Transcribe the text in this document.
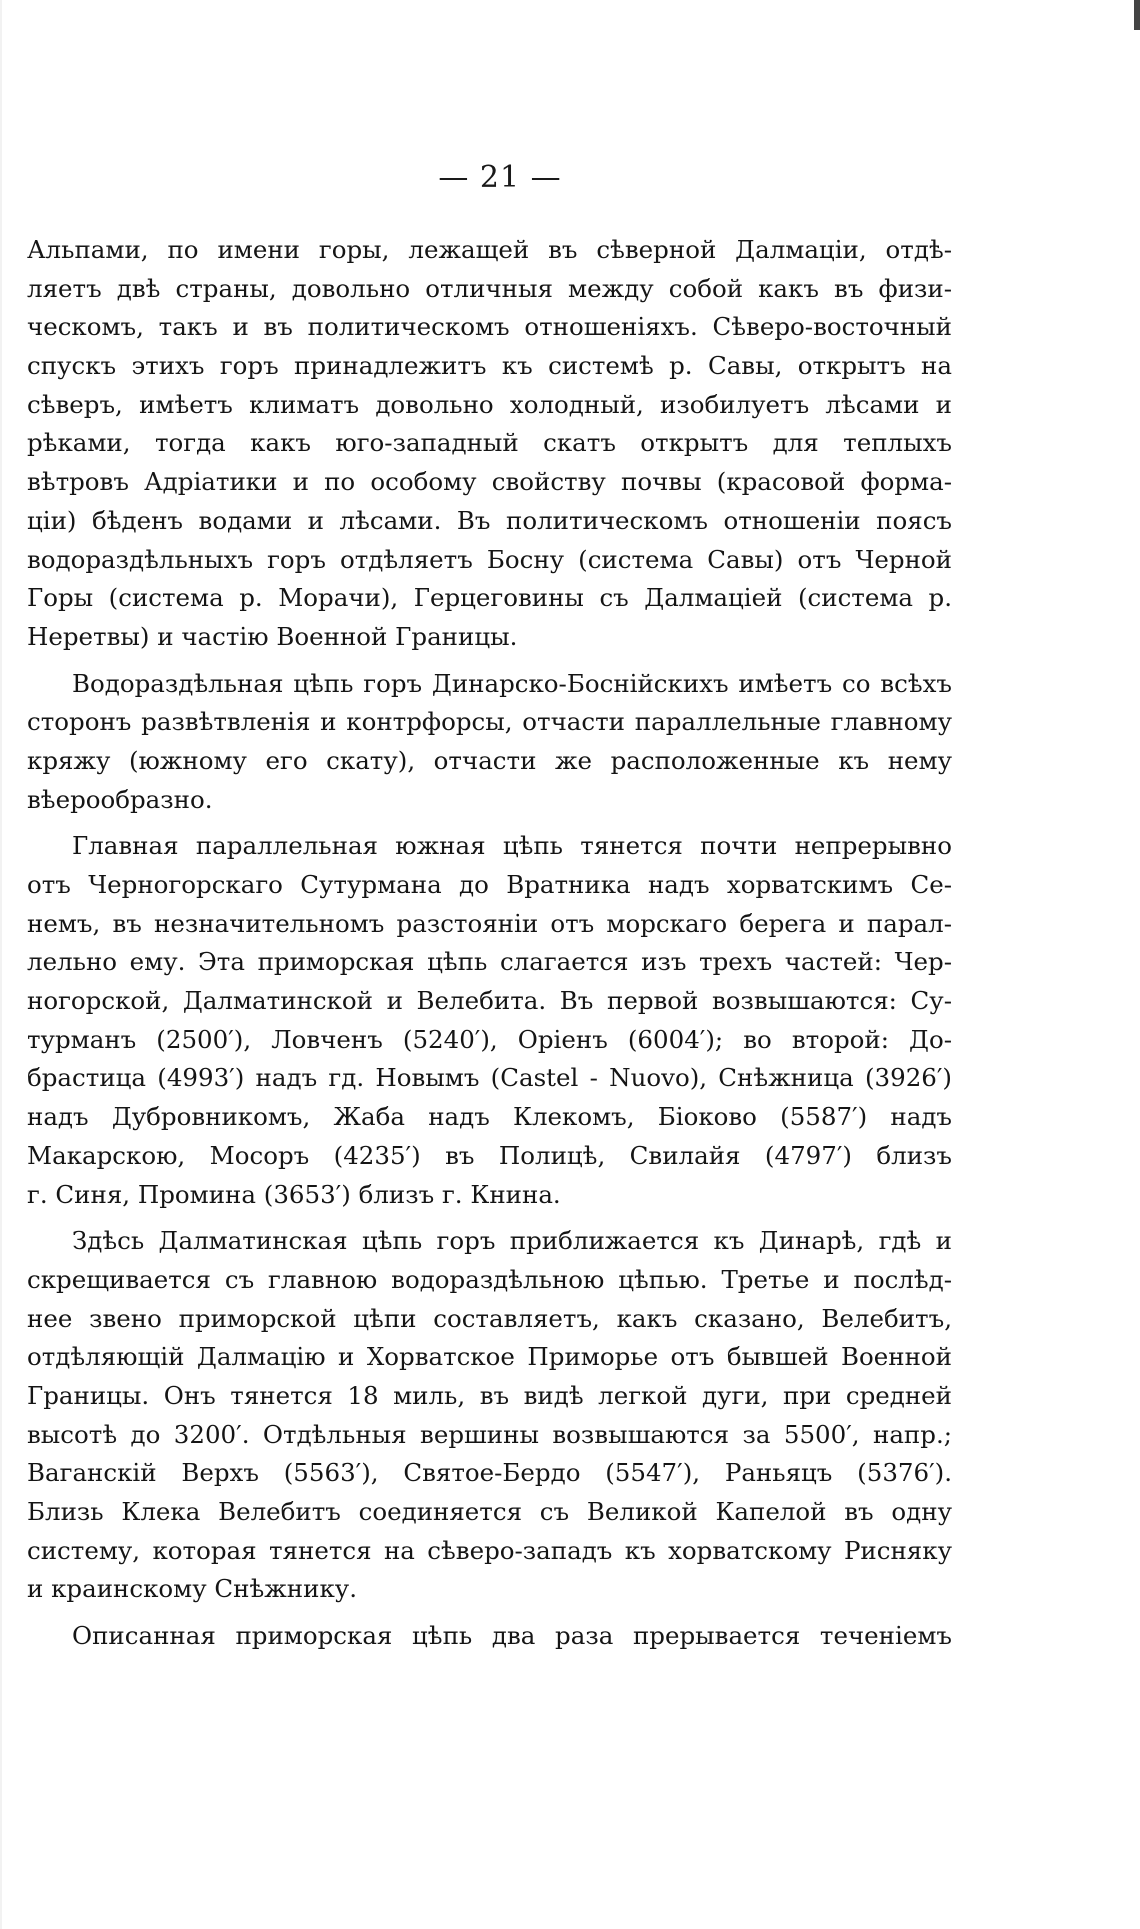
— 21 —
Альпами, по имени горы, лежащей въ сѣверной Далмаціи, отдѣ-
ляетъ двѣ страны, довольно отличныя между собой какъ въ физи-
ческомъ, такъ и въ политическомъ отношеніяхъ. Сѣверо-восточный
спускъ этихъ горъ принадлежитъ къ системѣ р. Савы, открытъ на
сѣверъ, имѣетъ климатъ довольно холодный, изобилуетъ лѣсами и
рѣками, тогда какъ юго-западный скатъ открытъ для теплыхъ
вѣтровъ Адріатики и по особому свойству почвы (красовой форма-
ціи) бѣденъ водами и лѣсами. Въ политическомъ отношеніи поясъ
водораздѣльныхъ горъ отдѣляетъ Босну (система Савы) отъ Черной
Горы (система р. Морачи), Герцеговины съ Далмаціей (система р.
Неретвы) и частію Военной Границы.
Водораздѣльная цѣпь горъ Динарско-Боснійскихъ имѣетъ со всѣхъ
сторонъ развѣтвленія и контрфорсы, отчасти параллельные главному
кряжу (южному его скату), отчасти же расположенные къ нему
вѣерообразно.
Главная параллельная южная цѣпь тянется почти непрерывно
отъ Черногорскаго Сутурмана до Вратника надъ хорватскимъ Се-
немъ, въ незначительномъ разстояніи отъ морскаго берега и парал-
лельно ему. Эта приморская цѣпь слагается изъ трехъ частей: Чер-
ногорской, Далматинской и Велебита. Въ первой возвышаются: Су-
турманъ (2500′), Ловченъ (5240′), Оріенъ (6004′); во второй: До-
брастица (4993′) надъ гд. Новымъ (Castel - Nuovo), Снѣжница (3926′)
надъ Дубровникомъ, Жаба надъ Клекомъ, Біоково (5587′) надъ
Макарскою, Мосоръ (4235′) въ Полицѣ, Свилайя (4797′) близъ
г. Синя, Промина (3653′) близъ г. Книна.
Здѣсь Далматинская цѣпь горъ приближается къ Динарѣ, гдѣ и
скрещивается съ главною водораздѣльною цѣпью. Третье и послѣд-
нее звено приморской цѣпи составляетъ, какъ сказано, Велебитъ,
отдѣляющій Далмацію и Хорватское Приморье отъ бывшей Военной
Границы. Онъ тянется 18 миль, въ видѣ легкой дуги, при средней
высотѣ до 3200′. Отдѣльныя вершины возвышаются за 5500′, напр.;
Ваганскій Верхъ (5563′), Святое-Бердо (5547′), Раньяцъ (5376′).
Близь Клека Велебитъ соединяется съ Великой Капелой въ одну
систему, которая тянется на сѣверо-западъ къ хорватскому Рисняку
и краинскому Снѣжнику.
Описанная приморская цѣпь два раза прерывается теченіемъ
